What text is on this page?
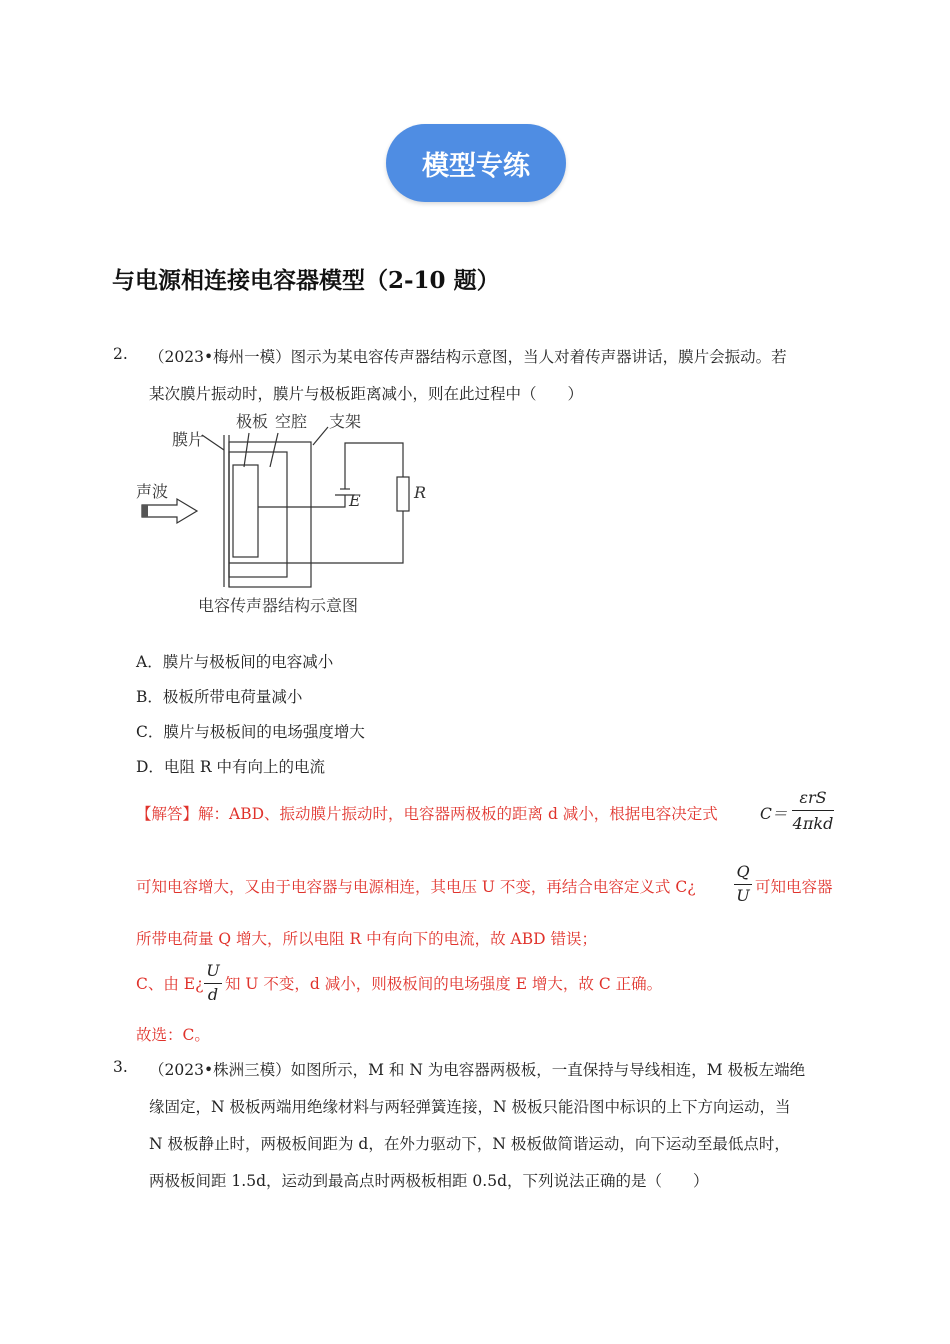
模型专练
与电源相连接电容器模型（2-10 题）
2. （2023•梅州一模）图示为某电容传声器结构示意图，当人对着传声器讲话，膜片会振动。若
某次膜片振动时，膜片与极板距离减小，则在此过程中（　　）
膜片
极板 空腔 支架
声波	E	R
电容传声器结构示意图
A．膜片与极板间的电容减小
B．极板所带电荷量减小
C．膜片与极板间的电场强度增大
D．电阻 R 中有向上的电流
【解答】解：ABD、振动膜片振动时，电容器两极板的距离 d 减小，根据电容决定式	C＝
εrS
4πkd
可知电容增大，又由于电容器与电源相连，其电压 U 不变，再结合电容定义式 C¿
Q
U 可知电容器
所带电荷量 Q 增大，所以电阻 R 中有向下的电流，故 ABD 错误；
C、由 E¿
U
d
知 U 不变，d 减小，则极板间的电场强度 E 增大，故 C 正确。
故选：C。
3. （2023•株洲三模）如图所示，M 和 N 为电容器两极板，一直保持与导线相连，M 极板左端绝
缘固定，N 极板两端用绝缘材料与两轻弹簧连接，N 极板只能沿图中标识的上下方向运动，当
N 极板静止时，两极板间距为 d，在外力驱动下，N 极板做简谐运动，向下运动至最低点时，
两极板间距 1.5d，运动到最高点时两极板相距 0.5d，下列说法正确的是（　　）
